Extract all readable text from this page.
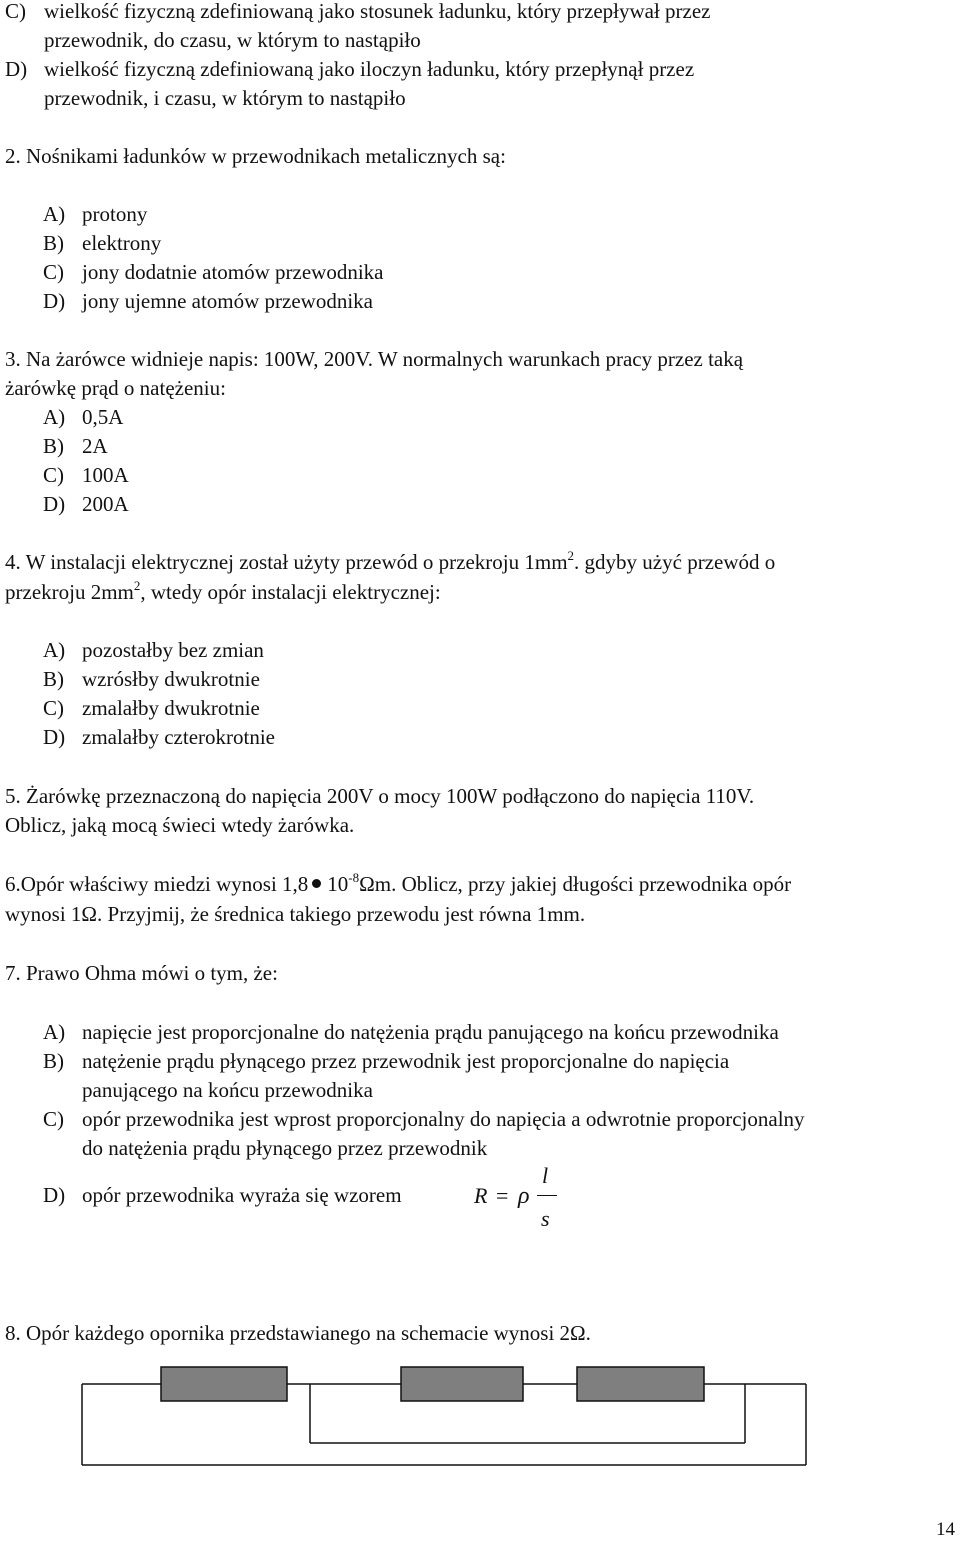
C) wielkość fizyczną zdefiniowaną jako stosunek ładunku, który przepływał przez
przewodnik, do czasu, w którym to nastąpiło
D) wielkość fizyczną zdefiniowaną jako iloczyn ładunku, który przepłynął przez
przewodnik, i czasu, w którym to nastąpiło
2. Nośnikami ładunków w przewodnikach metalicznych są:
A) protony
B) elektrony
C) jony dodatnie atomów przewodnika
D) jony ujemne atomów przewodnika
3. Na żarówce widnieje napis: 100W, 200V. W normalnych warunkach pracy przez taką
żarówkę prąd o natężeniu:
A) 0,5A
B) 2A
C) 100A
D) 200A
4. W instalacji elektrycznej został użyty przewód o przekroju $1mm^2$. gdyby użyć przewód o
przekroju $2mm^2$, wtedy opór instalacji elektrycznej:
A) pozostałby bez zmian
B) wzrósłby dwukrotnie
C) zmalałby dwukrotnie
D) zmalałby czterokrotnie
5. Żarówkę przeznaczoną do napięcia 200V o mocy 100W podłączono do napięcia 110V.
Oblicz, jaką mocą świeci wtedy żarówka.
6.Opór właściwy miedzi wynosi 1,8 $10^{-8}\Omega m$. Oblicz, przy jakiej długości przewodnika opór
wynosi 1Ω. Przyjmij, że średnica takiego przewodu jest równa 1mm.
7. Prawo Ohma mówi o tym, że:
A) napięcie jest proporcjonalne do natężenia prądu panującego na końcu przewodnika
B) natężenie prądu płynącego przez przewodnik jest proporcjonalne do napięcia
panującego na końcu przewodnika
C) opór przewodnika jest wprost proporcjonalny do napięcia a odwrotnie proporcjonalny
do natężenia prądu płynącego przez przewodnik
D) opór przewodnika wyraża się wzorem	R = ρ
l
s
8. Opór każdego opornika przedstawianego na schemacie wynosi 2Ω.
14
